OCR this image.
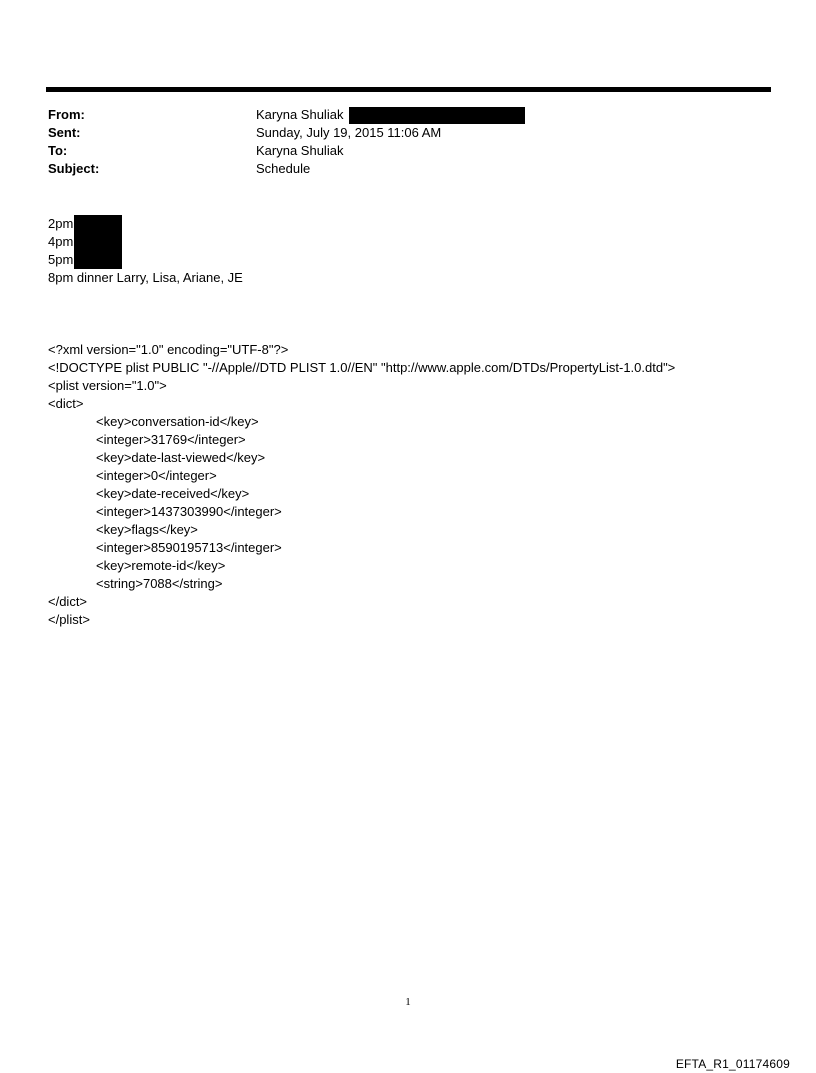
From:	Karyna Shuliak
Sent:	Sunday, July 19, 2015 11:06 AM
To:	Karyna Shuliak
Subject:	Schedule
2pm
4pm
5pm
8pm dinner Larry, Lisa, Ariane, JE
<?xml version="1.0" encoding="UTF-8"?>
<!DOCTYPE plist PUBLIC "-//Apple//DTD PLIST 1.0//EN" "http://www.apple.com/DTDs/PropertyList-1.0.dtd">
<plist version="1.0">
<dict>
<key>conversation-id</key>
<integer>31769</integer>
<key>date-last-viewed</key>
<integer>0</integer>
<key>date-received</key>
<integer>1437303990</integer>
<key>flags</key>
<integer>8590195713</integer>
<key>remote-id</key>
<string>7088</string>
</dict>
</plist>
1
EFTA_R1_01174609
